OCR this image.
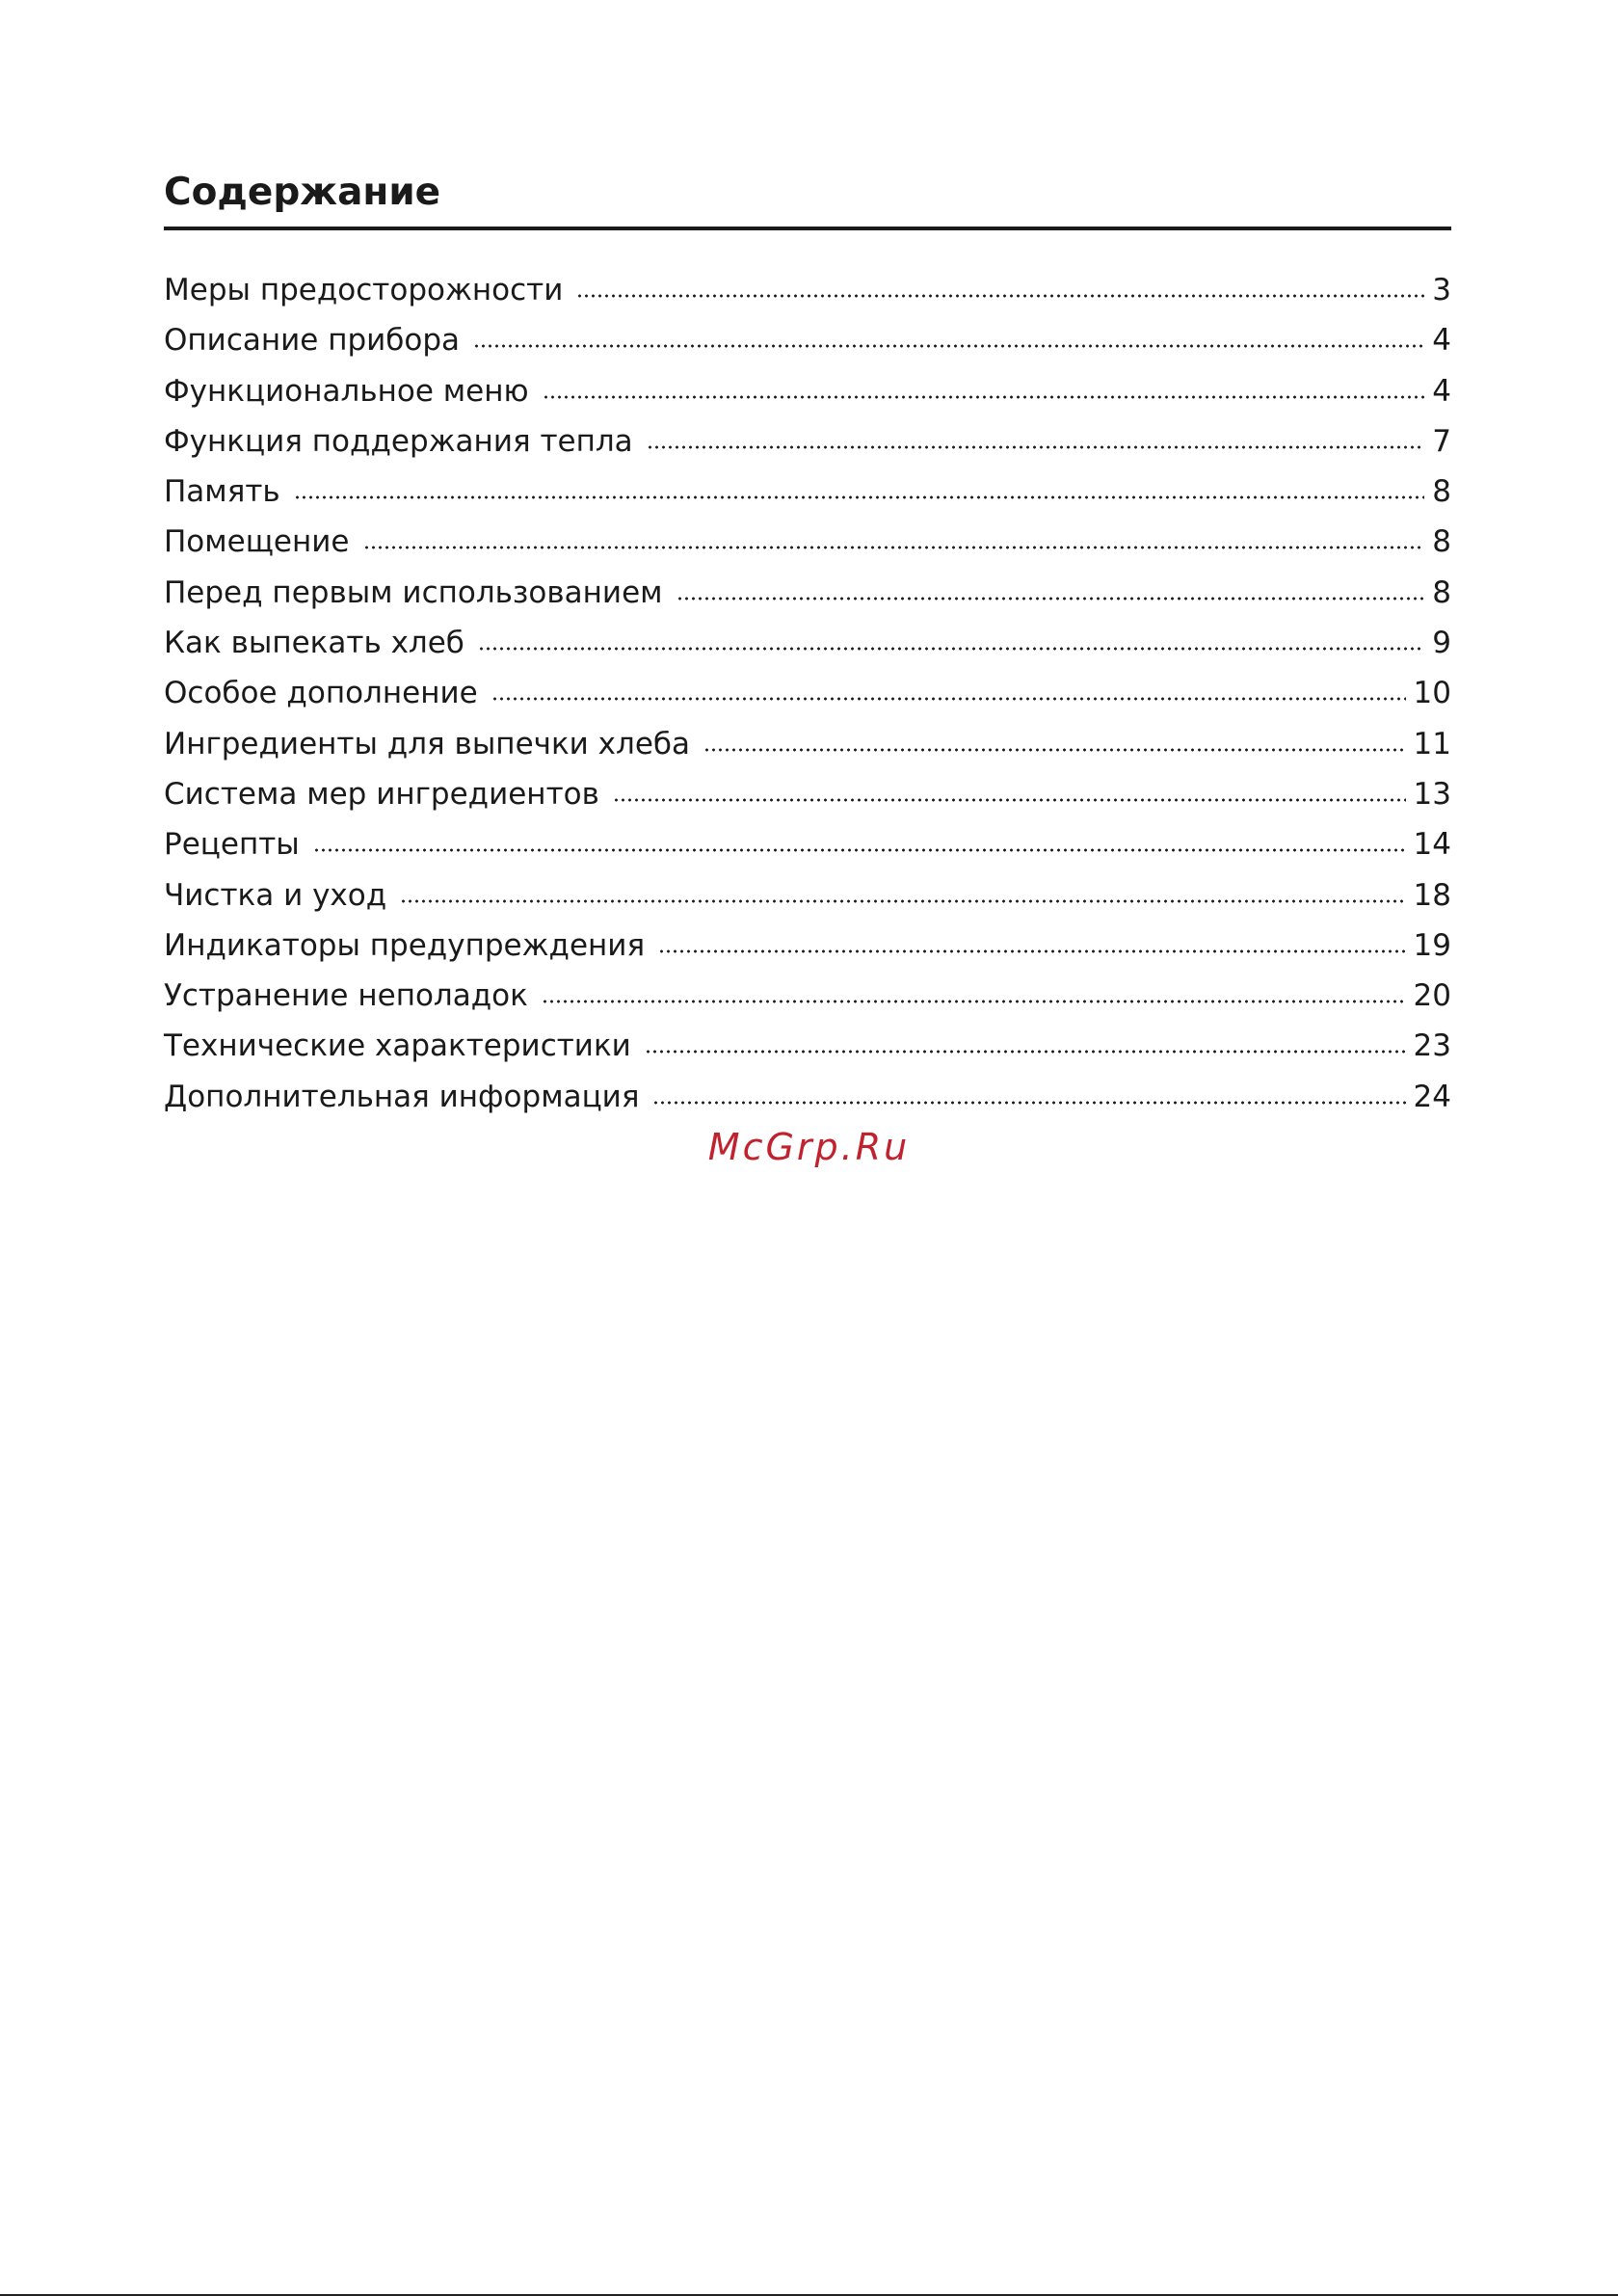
Содержание
Меры предосторожности	3
Описание прибора	4
Функциональное меню	4
Функция поддержания тепла	7
Память	8
Помещение	8
Перед первым использованием	8
Как выпекать хлеб	9
Особое дополнение	10
Ингредиенты для выпечки хлеба	11
Система мер ингредиентов	13
Рецепты	14
Чистка и уход	18
Индикаторы предупреждения	19
Устранение неполадок	20
Технические характеристики	23
Дополнительная информация	24
McGrp.Ru
